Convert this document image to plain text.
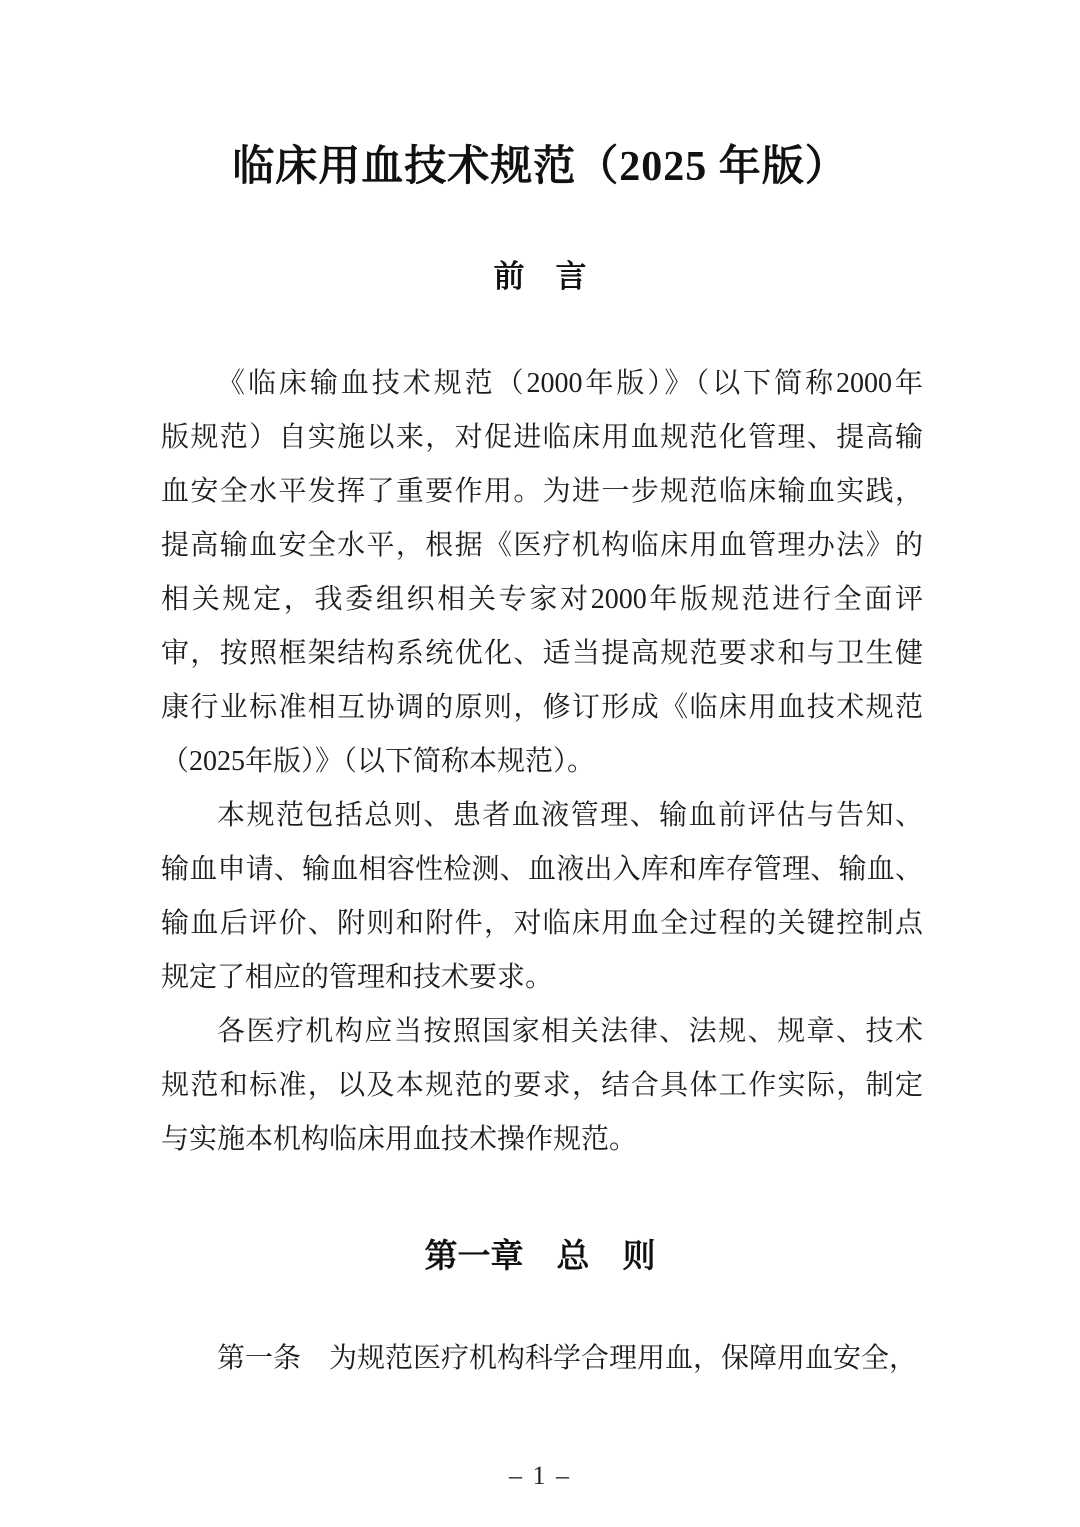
临床用血技术规范（2025 年版）
前　言
《临床输血技术规范（2000年版）》（以下简称2000年
版规范）自实施以来，对促进临床用血规范化管理、提高输
血安全水平发挥了重要作用。为进一步规范临床输血实践，
提高输血安全水平，根据《医疗机构临床用血管理办法》的
相关规定，我委组织相关专家对2000年版规范进行全面评
审，按照框架结构系统优化、适当提高规范要求和与卫生健
康行业标准相互协调的原则，修订形成《临床用血技术规范
（2025年版）》（以下简称本规范）。
本规范包括总则、患者血液管理、输血前评估与告知、
输血申请、输血相容性检测、血液出入库和库存管理、输血、
输血后评价、附则和附件，对临床用血全过程的关键控制点
规定了相应的管理和技术要求。
各医疗机构应当按照国家相关法律、法规、规章、技术
规范和标准，以及本规范的要求，结合具体工作实际，制定
与实施本机构临床用血技术操作规范。
第一章　总　则
第一条　为规范医疗机构科学合理用血，保障用血安全，
– 1 –
